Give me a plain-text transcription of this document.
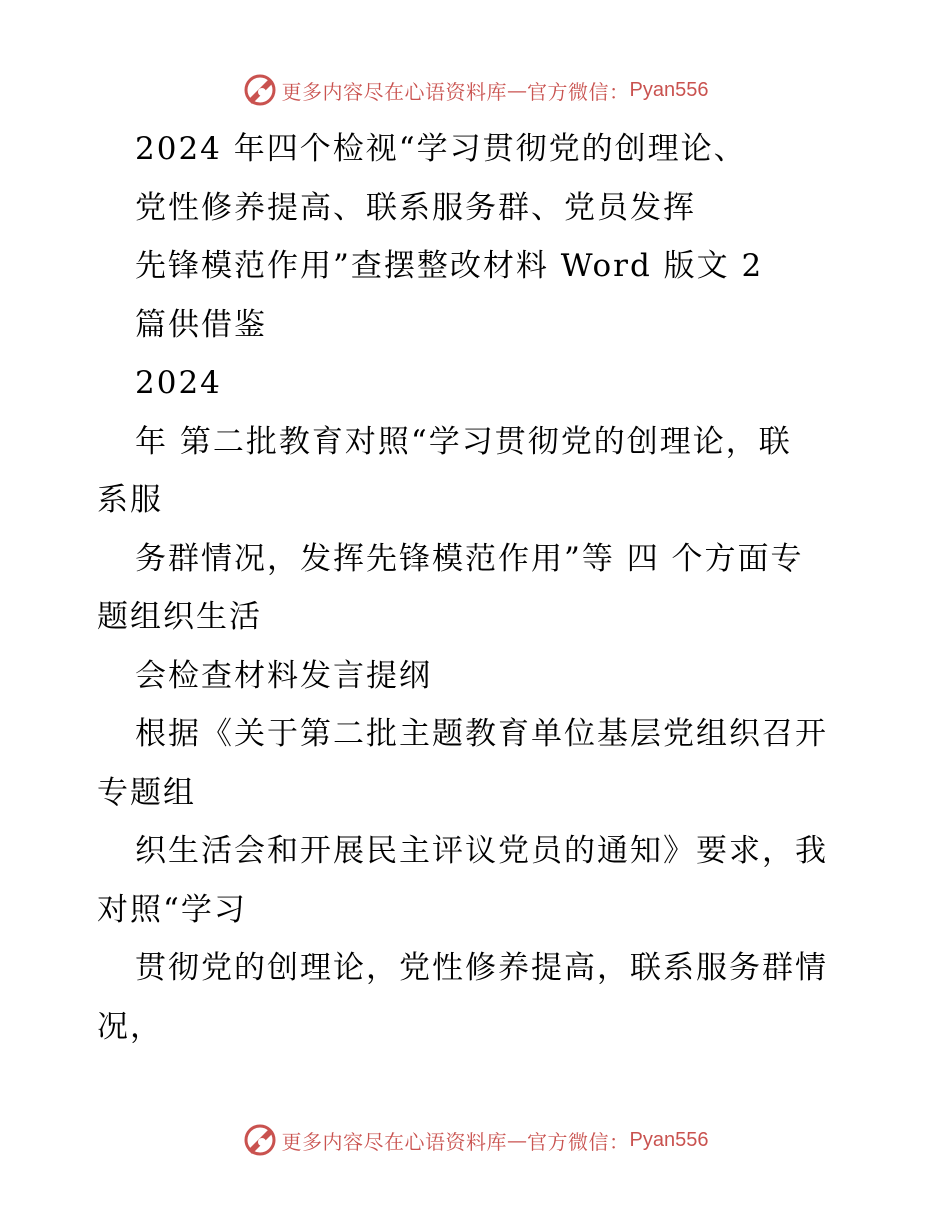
更多内容尽在心语资料库 — 官方微信： Pyan556
2024 年四个检视“学习贯彻党的创理论、
党性修养提高、联系服务群、党员发挥
先锋模范作用”查摆整改材料 Word 版文 2
篇供借鉴
2024
年 第二批教育对照“学习贯彻党的创理论，联
系服
务群情况，发挥先锋模范作用”等 四 个方面专
题组织生活
会检查材料发言提纲
根据《关于第二批主题教育单位基层党组织召开
专题组
织生活会和开展民主评议党员的通知》要求，我
对照“学习
贯彻党的创理论，党性修养提高，联系服务群情
况，
更多内容尽在心语资料库 — 官方微信： Pyan556
